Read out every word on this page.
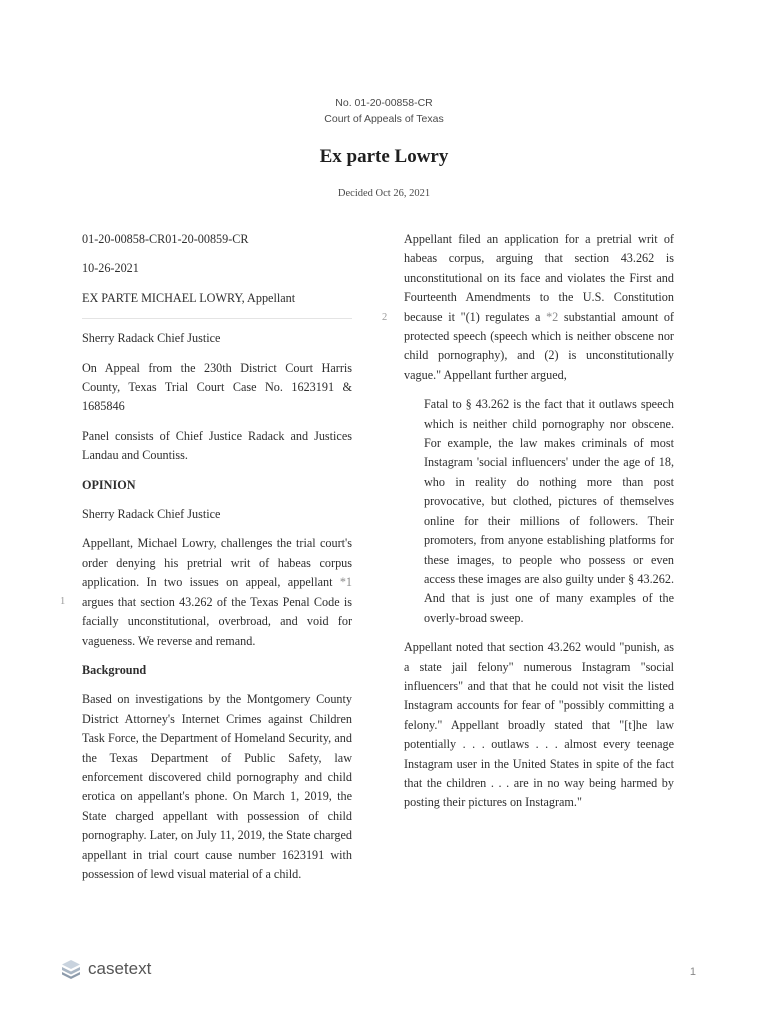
No. 01-20-00858-CR
Court of Appeals of Texas
Ex parte Lowry
Decided Oct 26, 2021
01-20-00858-CR01-20-00859-CR
10-26-2021
EX PARTE MICHAEL LOWRY, Appellant
Sherry Radack Chief Justice

On Appeal from the 230th District Court Harris County, Texas Trial Court Case No. 1623191 & 1685846

Panel consists of Chief Justice Radack and Justices Landau and Countiss.

OPINION
Sherry Radack Chief Justice

Appellant, Michael Lowry, challenges the trial court's order denying his pretrial writ of habeas corpus application. In two issues on appeal, appellant *1 argues that section 43.262 of the Texas Penal Code is facially unconstitutional, overbroad, and void for vagueness. We reverse and remand.

Background

Based on investigations by the Montgomery County District Attorney's Internet Crimes against Children Task Force, the Department of Homeland Security, and the Texas Department of Public Safety, law enforcement discovered child pornography and child erotica on appellant's phone. On March 1, 2019, the State charged appellant with possession of child pornography. Later, on July 11, 2019, the State charged appellant in trial court cause number 1623191 with possession of lewd visual material of a child.

1
2

Appellant filed an application for a pretrial writ of habeas corpus, arguing that section 43.262 is unconstitutional on its face and violates the First and Fourteenth Amendments to the U.S. Constitution because it "(1) regulates a *2 substantial amount of protected speech (speech which is neither obscene nor child pornography), and (2) is unconstitutionally vague." Appellant further argued,

Fatal to § 43.262 is the fact that it outlaws speech which is neither child pornography nor obscene. For example, the law makes criminals of most Instagram 'social influencers' under the age of 18, who in reality do nothing more than post provocative, but clothed, pictures of themselves online for their millions of followers. Their promoters, from anyone establishing platforms for these images, to people who possess or even access these images are also guilty under § 43.262. And that is just one of many examples of the overly-broad sweep.

Appellant noted that section 43.262 would "punish, as a state jail felony" numerous Instagram "social influencers" and that that he could not visit the listed Instagram accounts for fear of "possibly committing a felony." Appellant broadly stated that "[t]he law potentially . . . outlaws . . . almost every teenage Instagram user in the United States in spite of the fact that the children . . . are in no way being harmed by posting their pictures on Instagram."

casetext	1
